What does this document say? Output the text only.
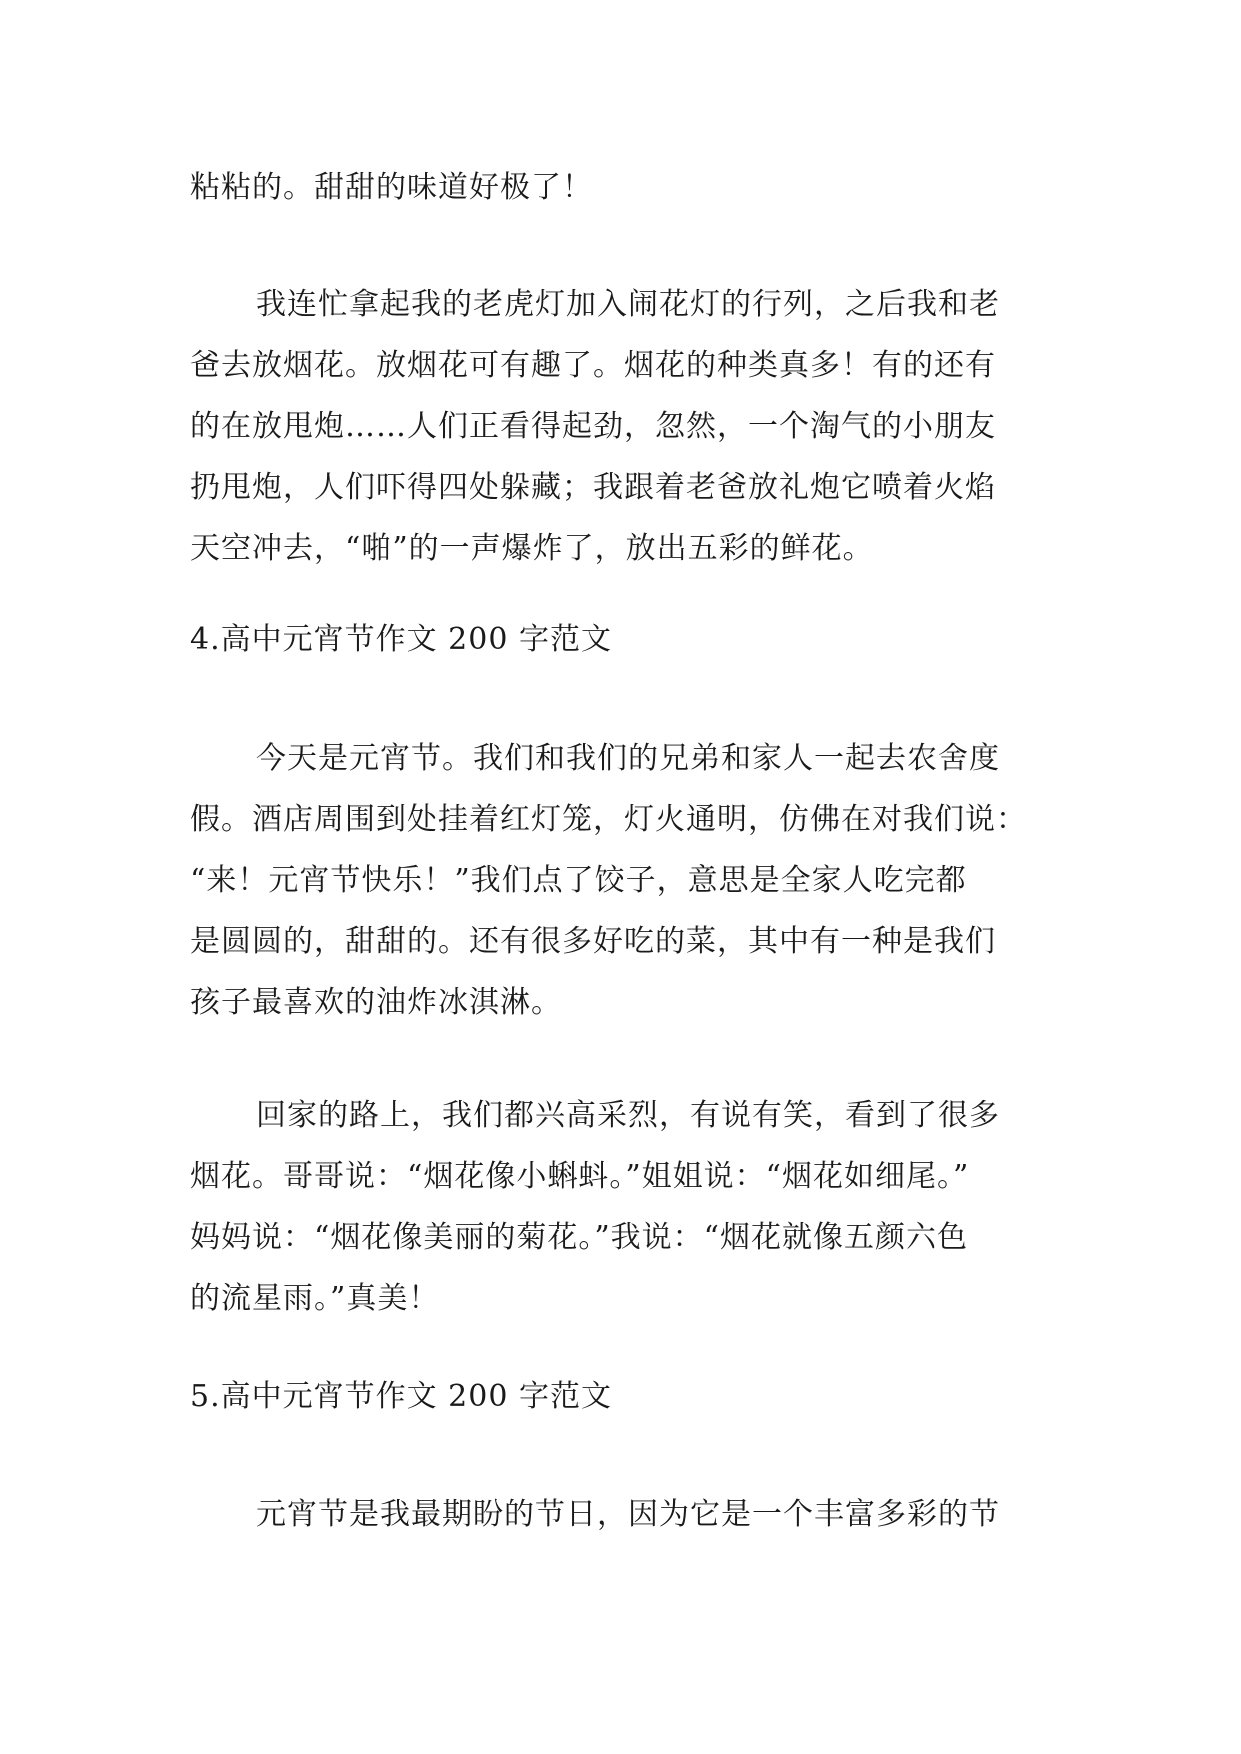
粘粘的。甜甜的味道好极了！
我连忙拿起我的老虎灯加入闹花灯的行列，之后我和老
爸去放烟花。放烟花可有趣了。烟花的种类真多！有的还有
的在放甩炮……人们正看得起劲，忽然，一个淘气的小朋友
扔甩炮，人们吓得四处躲藏；我跟着老爸放礼炮它喷着火焰
天空冲去，“啪”的一声爆炸了，放出五彩的鲜花。
4.高中元宵节作文 200 字范文
今天是元宵节。我们和我们的兄弟和家人一起去农舍度
假。酒店周围到处挂着红灯笼，灯火通明，仿佛在对我们说：
“来！元宵节快乐！”我们点了饺子，意思是全家人吃完都
是圆圆的，甜甜的。还有很多好吃的菜，其中有一种是我们
孩子最喜欢的油炸冰淇淋。
回家的路上，我们都兴高采烈，有说有笑，看到了很多
烟花。哥哥说：“烟花像小蝌蚪。”姐姐说：“烟花如细尾。”
妈妈说：“烟花像美丽的菊花。”我说：“烟花就像五颜六色
的流星雨。”真美！
5.高中元宵节作文 200 字范文
元宵节是我最期盼的节日，因为它是一个丰富多彩的节
